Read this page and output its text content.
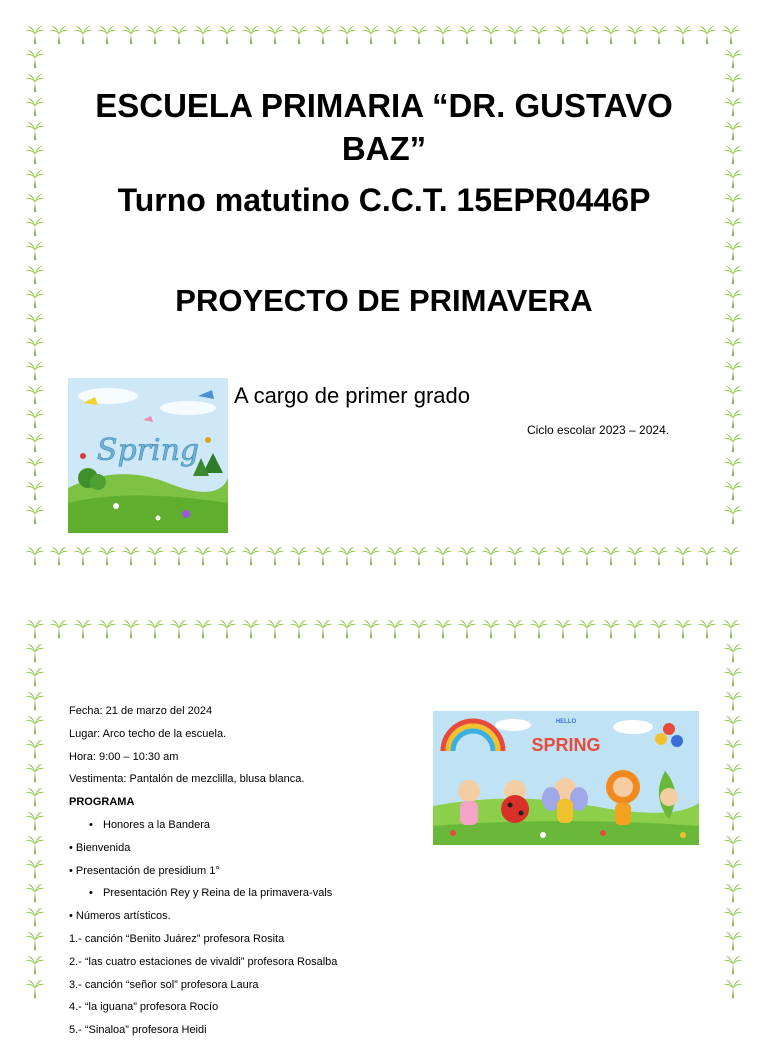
ESCUELA PRIMARIA “DR. GUSTAVO BAZ”
Turno matutino C.C.T. 15EPR0446P
PROYECTO DE PRIMAVERA
Spring
A cargo de primer grado
Ciclo escolar 2023 – 2024.
Fecha: 21 de marzo del 2024
Lugar: Arco techo de la escuela.
Hora: 9:00 – 10:30 am
Vestimenta: Pantalón de mezclilla, blusa blanca.
PROGRAMA
• Honores a la Bandera
• Bienvenida
• Presentación de presidium 1°
• Presentación Rey y Reina de la primavera-vals
• Números artísticos.
1.- canción “Benito Juárez” profesora Rosita
2.- “las cuatro estaciones de vivaldi” profesora Rosalba
3.- canción “señor sol” profesora Laura
4.- “la iguana” profesora Rocío
5.- “Sinaloa” profesora Heidi
HELLO
SPRING
